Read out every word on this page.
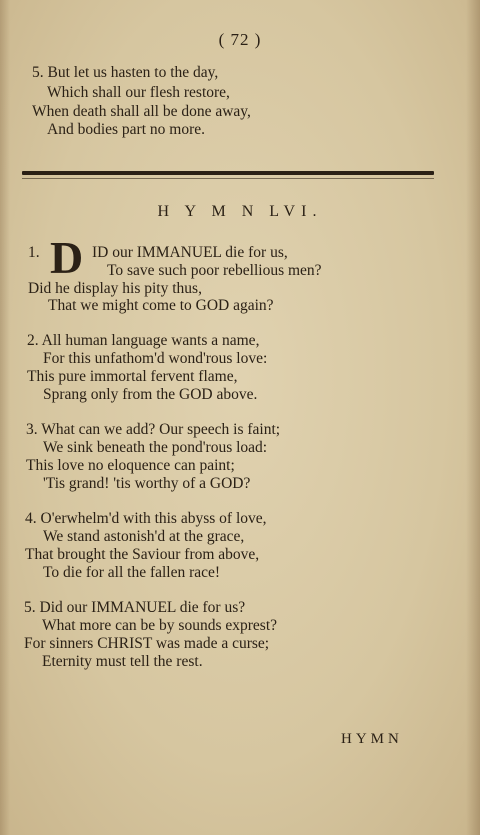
( 72 )
5. But let us hasten to the day,
Which shall our flesh restore,
When death shall all be done away,
And bodies part no more.
H Y M N LVI.
1. D ID our IMMANUEL die for us,
To save such poor rebellious men?
Did he display his pity thus,
That we might come to GOD again?
2. All human language wants a name,
For this unfathom'd wond'rous love:
This pure immortal fervent flame,
Sprang only from the GOD above.
3. What can we add? Our speech is faint;
We sink beneath the pond'rous load:
This love no eloquence can paint;
'Tis grand! 'tis worthy of a GOD?
4. O'erwhelm'd with this abyss of love,
We stand astonish'd at the grace,
That brought the Saviour from above,
To die for all the fallen race!
5. Did our IMMANUEL die for us?
What more can be by sounds exprest?
For sinners CHRIST was made a curse;
Eternity must tell the rest.
HYMN
